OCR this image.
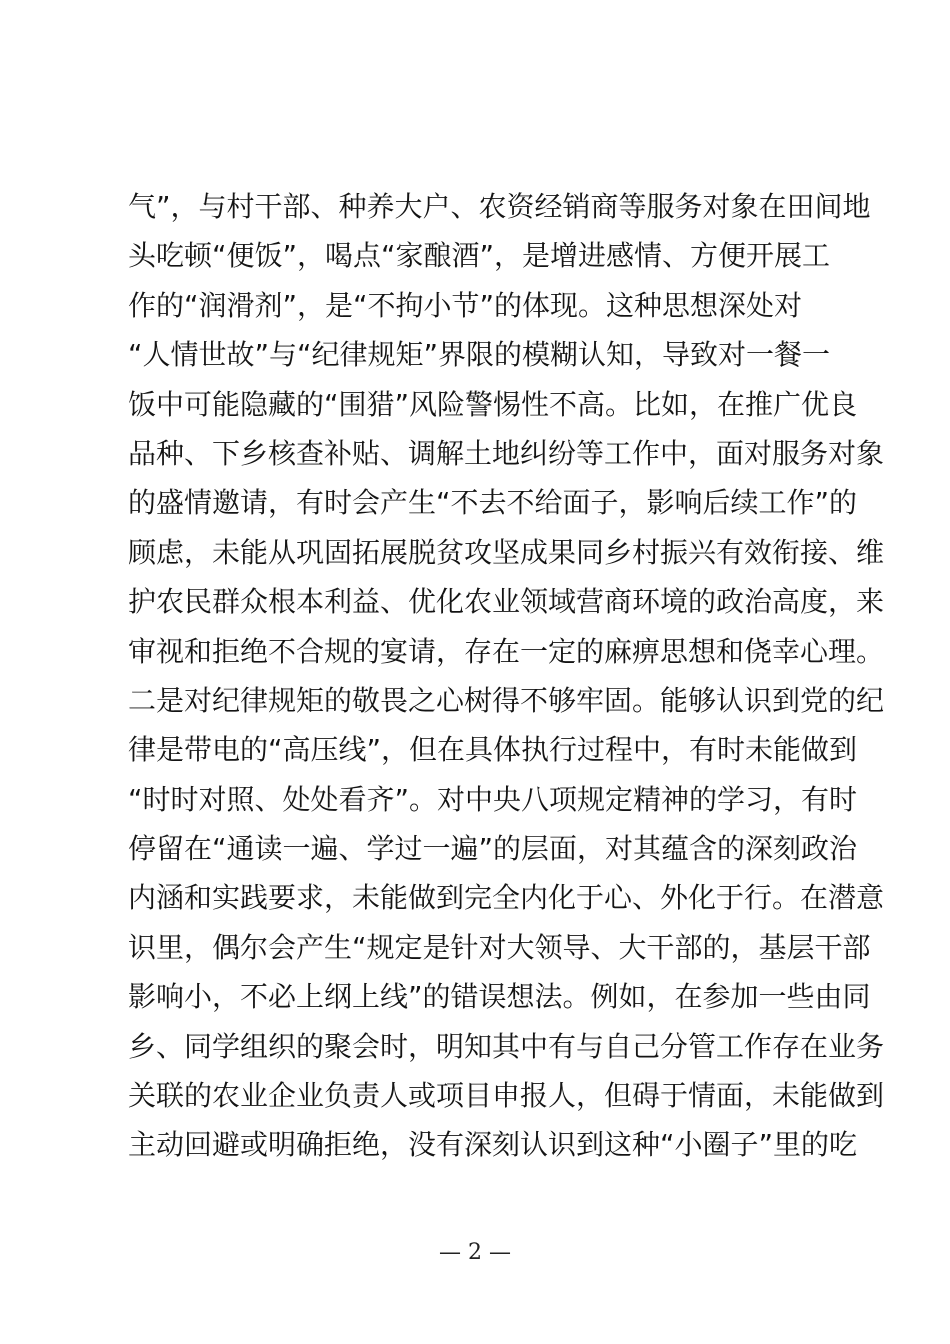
气”，与村干部、种养大户、农资经销商等服务对象在田间地
头吃顿“便饭”，喝点“家酿酒”，是增进感情、方便开展工
作的“润滑剂”，是“不拘小节”的体现。这种思想深处对
“人情世故”与“纪律规矩”界限的模糊认知，导致对一餐一
饭中可能隐藏的“围猎”风险警惕性不高。比如，在推广优良
品种、下乡核查补贴、调解土地纠纷等工作中，面对服务对象
的盛情邀请，有时会产生“不去不给面子，影响后续工作”的
顾虑，未能从巩固拓展脱贫攻坚成果同乡村振兴有效衔接、维
护农民群众根本利益、优化农业领域营商环境的政治高度，来
审视和拒绝不合规的宴请，存在一定的麻痹思想和侥幸心理。
二是对纪律规矩的敬畏之心树得不够牢固。能够认识到党的纪
律是带电的“高压线”，但在具体执行过程中，有时未能做到
“时时对照、处处看齐”。对中央八项规定精神的学习，有时
停留在“通读一遍、学过一遍”的层面，对其蕴含的深刻政治
内涵和实践要求，未能做到完全内化于心、外化于行。在潜意
识里，偶尔会产生“规定是针对大领导、大干部的，基层干部
影响小，不必上纲上线”的错误想法。例如，在参加一些由同
乡、同学组织的聚会时，明知其中有与自己分管工作存在业务
关联的农业企业负责人或项目申报人，但碍于情面，未能做到
主动回避或明确拒绝，没有深刻认识到这种“小圈子”里的吃
— 2 —
